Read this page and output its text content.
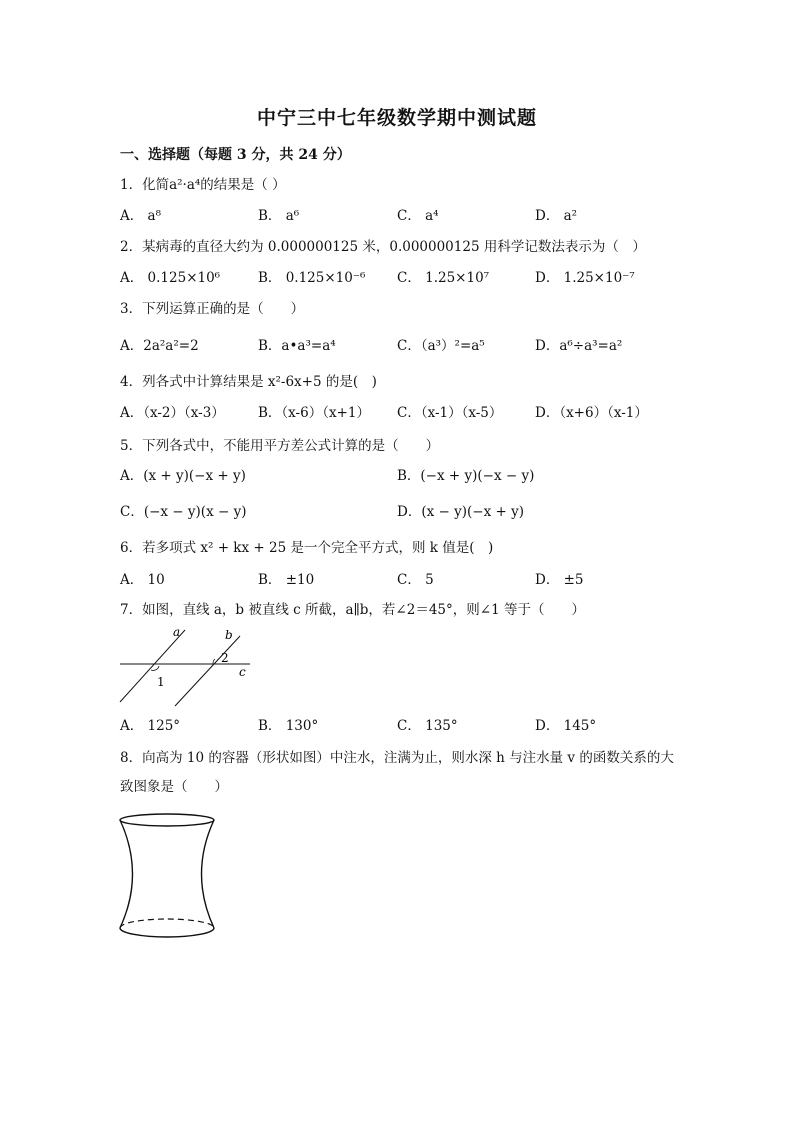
中宁三中七年级数学期中测试题
一、选择题（每题 3 分，共 24 分）
1．化简a²·a⁴的结果是（ ）
A． a⁸	B． a⁶	C． a⁴	D． a²
2．某病毒的直径大约为 0.000000125 米，0.000000125 用科学记数法表示为（　）
A． 0.125×10⁶	B． 0.125×10⁻⁶ C． 1.25×10⁷	D． 1.25×10⁻⁷
3．下列运算正确的是（　　）
A．2a²a²=2	B．a•a³=a⁴	C．（a³）²=a⁵	D．a⁶÷a³=a²
4．列各式中计算结果是 x²-6x+5 的是(　)
A．（x-2）（x-3） B．（x-6）（x+1） C．（x-1）（x-5） D．（x+6）（x-1）
5．下列各式中，不能用平方差公式计算的是（　　）
A．(x + y)(−x + y)	B．(−x + y)(−x − y)
C．(−x − y)(x − y)	D．(x − y)(−x + y)
6．若多项式 x² + kx + 25 是一个完全平方式，则 k 值是(　)
A． 10	B． ±10	C． 5	D． ±5
7．如图，直线 a，b 被直线 c 所截，a∥b，若∠2＝45°，则∠1 等于（　　）
a	b
c
1
2
A． 125°	B． 130°	C． 135°	D． 145°
8．向高为 10 的容器（形状如图）中注水，注满为止，则水深 h 与注水量 v 的函数关系的大
致图象是（　　）
